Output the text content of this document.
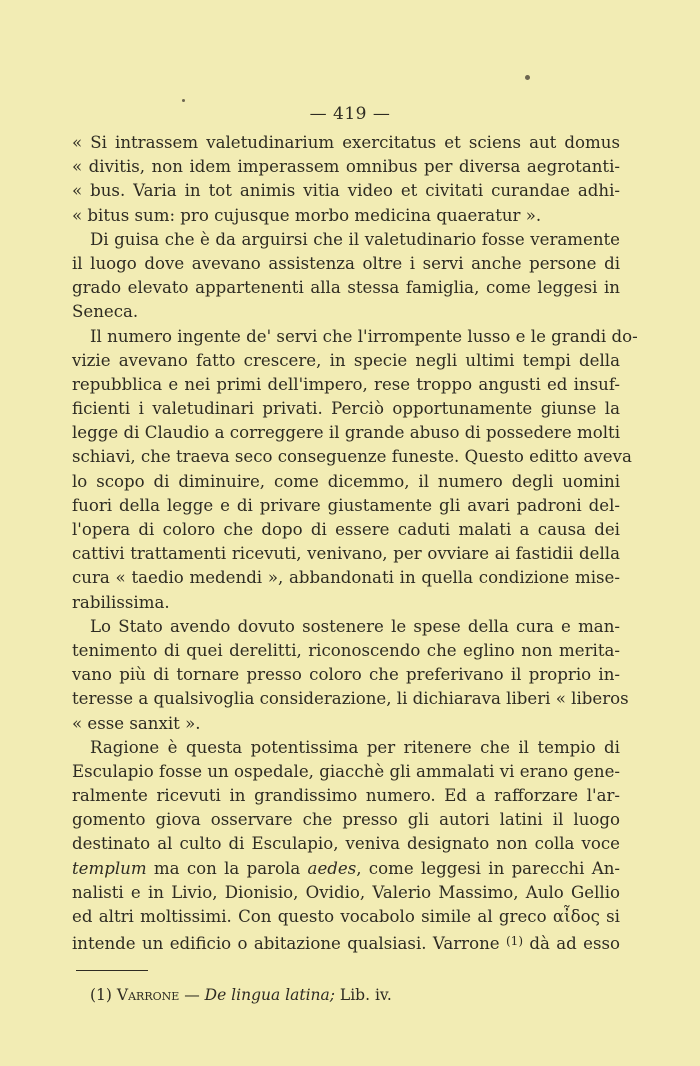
— 419 —
« Si intrassem valetudinarium exercitatus et sciens aut domus
« divitis, non idem imperassem omnibus per diversa aegrotanti-
« bus. Varia in tot animis vitia video et civitati curandae adhi-
« bitus sum: pro cujusque morbo medicina quaeratur ».
Di guisa che è da arguirsi che il valetudinario fosse veramente
il luogo dove avevano assistenza oltre i servi anche persone di
grado elevato appartenenti alla stessa famiglia, come leggesi in
Seneca.
Il numero ingente de' servi che l'irrompente lusso e le grandi do-
vizie avevano fatto crescere, in specie negli ultimi tempi della
repubblica e nei primi dell'impero, rese troppo angusti ed insuf-
ficienti i valetudinari privati. Perciò opportunamente giunse la
legge di Claudio a correggere il grande abuso di possedere molti
schiavi, che traeva seco conseguenze funeste. Questo editto aveva
lo scopo di diminuire, come dicemmo, il numero degli uomini
fuori della legge e di privare giustamente gli avari padroni del-
l'opera di coloro che dopo di essere caduti malati a causa dei
cattivi trattamenti ricevuti, venivano, per ovviare ai fastidii della
cura « taedio medendi », abbandonati in quella condizione mise-
rabilissima.
Lo Stato avendo dovuto sostenere le spese della cura e man-
tenimento di quei derelitti, riconoscendo che eglino non merita-
vano più di tornare presso coloro che preferivano il proprio in-
teresse a qualsivoglia considerazione, li dichiarava liberi « liberos
« esse sanxit ».
Ragione è questa potentissima per ritenere che il tempio di
Esculapio fosse un ospedale, giacchè gli ammalati vi erano gene-
ralmente ricevuti in grandissimo numero. Ed a rafforzare l'ar-
gomento giova osservare che presso gli autori latini il luogo
destinato al culto di Esculapio, veniva designato non colla voce
templum ma con la parola aedes, come leggesi in parecchi An-
nalisti e in Livio, Dionisio, Ovidio, Valerio Massimo, Aulo Gellio
ed altri moltissimi. Con questo vocabolo simile al greco αἶδος si
intende un edificio o abitazione qualsiasi. Varrone $^{(1)}$ dà ad esso
(1) Varrone — De lingua latina; Lib. iv.
